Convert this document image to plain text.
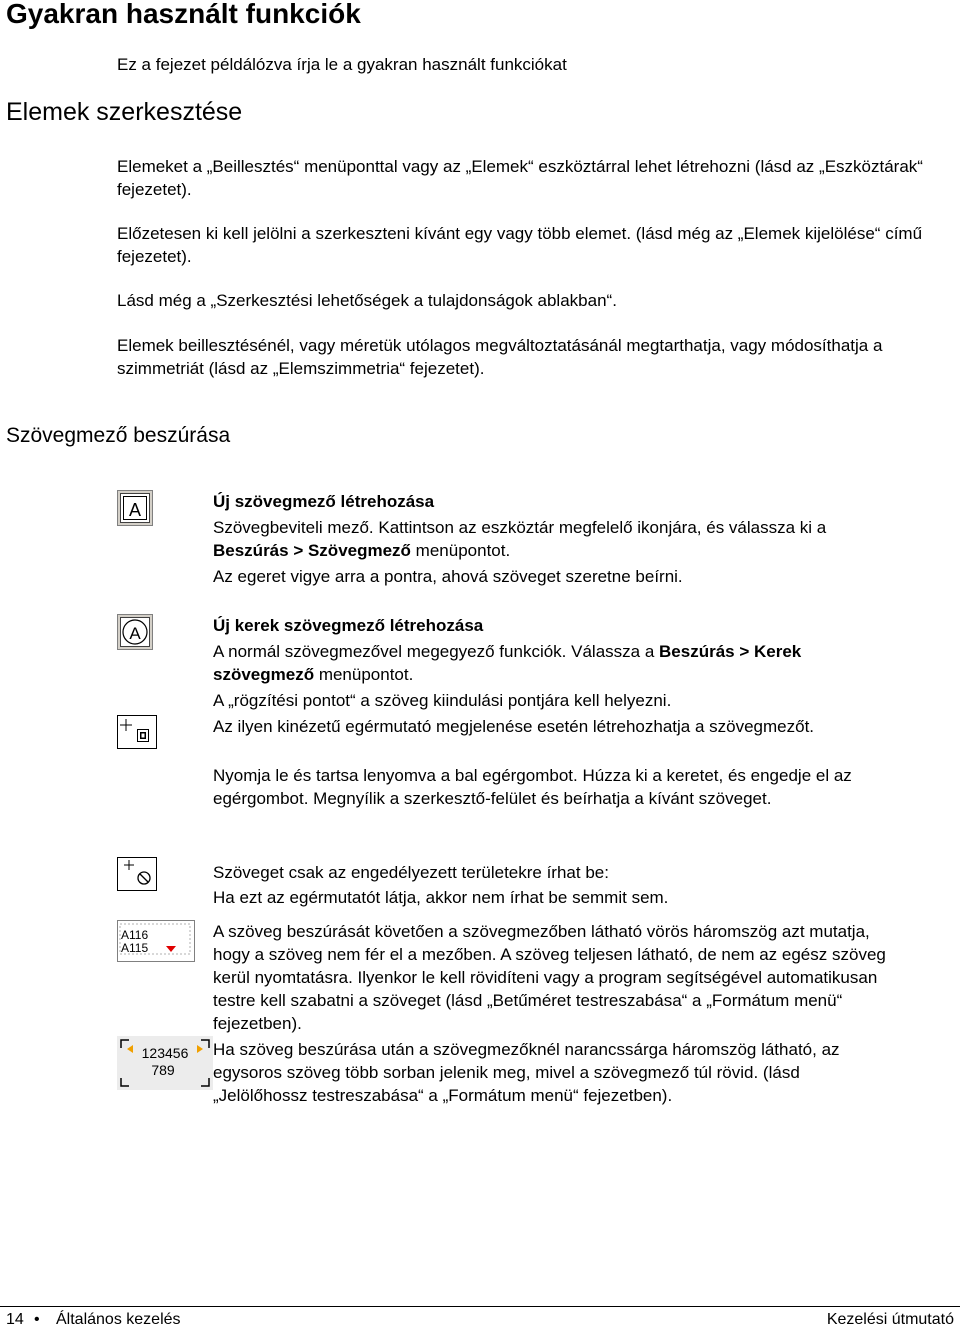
Gyakran használt funkciók
Ez a fejezet példálózva írja le a gyakran használt funkciókat
Elemek szerkesztése
Elemeket a „Beillesztés“ menüponttal vagy az „Elemek“ eszköztárral lehet létrehozni (lásd az „Eszköztárak“ fejezetet).
Előzetesen ki kell jelölni a szerkeszteni kívánt egy vagy több elemet. (lásd még az „Elemek kijelölése“ című fejezetet).
Lásd még a „Szerkesztési lehetőségek a tulajdonságok ablakban“.
Elemek beillesztésénél, vagy méretük utólagos megváltoztatásánál megtarthatja, vagy módosíthatja a szimmetriát (lásd az „Elemszimmetria“ fejezetet).
Szövegmező beszúrása
A	Új szövegmező létrehozása
Szövegbeviteli mező. Kattintson az eszköztár megfelelő ikonjára, és válassza ki a Beszúrás > Szövegmező menüpontot.
Az egeret vigye arra a pontra, ahová szöveget szeretne beírni.
A	Új kerek szövegmező létrehozása
A normál szövegmezővel megegyező funkciók. Válassza a Beszúrás > Kerek szövegmező menüpontot.
A „rögzítési pontot“ a szöveg kiindulási pontjára kell helyezni.
Az ilyen kinézetű egérmutató megjelenése esetén létrehozhatja a szövegmezőt.
Nyomja le és tartsa lenyomva a bal egérgombot. Húzza ki a keretet, és engedje el az egérgombot. Megnyílik a szerkesztő-felület és beírhatja a kívánt szöveget.
Szöveget csak az engedélyezett területekre írhat be:
Ha ezt az egérmutatót látja, akkor nem írhat be semmit sem.
A116
A115
A szöveg beszúrását követően a szövegmezőben látható vörös háromszög azt mutatja, hogy a szöveg nem fér el a mezőben. A szöveg teljesen látható, de nem az egész szöveg kerül nyomtatásra. Ilyenkor le kell rövidíteni vagy a program segítségével automatikusan testre kell szabatni a szöveget (lásd „Betűméret testreszabása“ a „Formátum menü“ fejezetben).
123456
789
Ha szöveg beszúrása után a szövegmezőknél narancssárga háromszög látható, az egysoros szöveg több sorban jelenik meg, mivel a szövegmező túl rövid. (lásd „Jelölőhossz testreszabása“ a „Formátum menü“ fejezetben).
14 • Általános kezelés	Kezelési útmutató
